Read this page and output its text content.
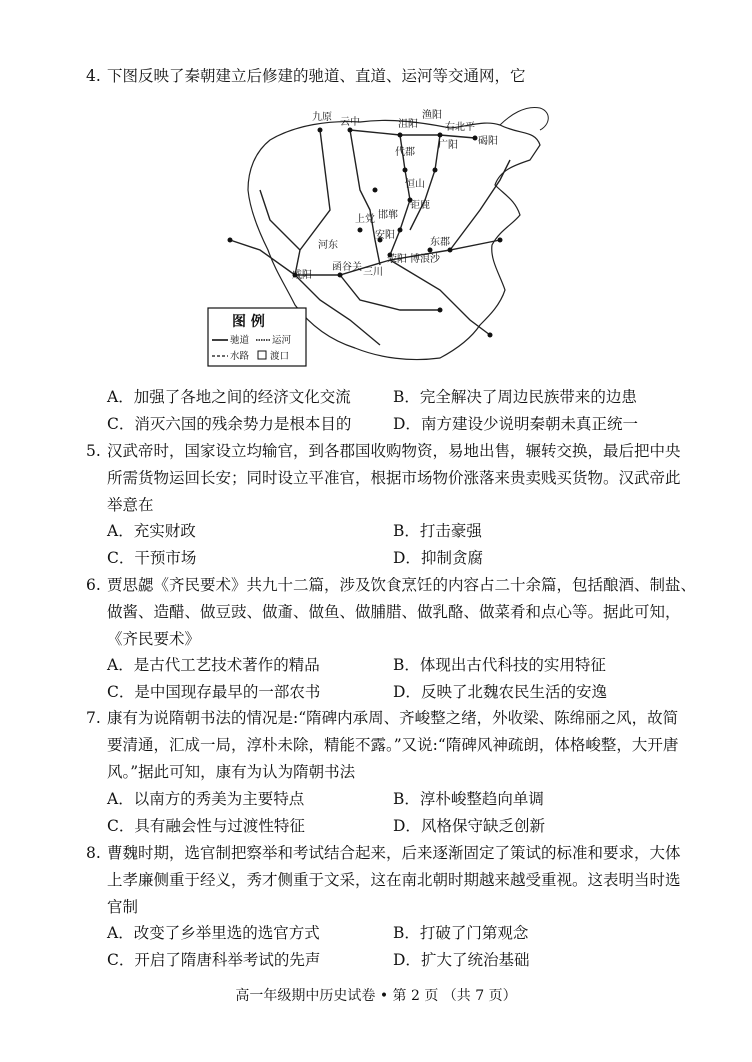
4. 下图反映了秦朝建立后修建的驰道、直道、运河等交通网，它
九原 云中
渔阳
沮阳	右北平
碣阳
代郡
广阳
恒山
钜鹿
邯郸
上党
安阳
河东	东郡
函谷关
咸阳	三川
荥阳 博浪沙
图 例
驰道 运河
水路 渡口
A．加强了各地之间的经济文化交流	B．完全解决了周边民族带来的边患
C．消灭六国的残余势力是根本目的	D．南方建设少说明秦朝未真正统一
5. 汉武帝时，国家设立均输官，到各郡国收购物资，易地出售，辗转交换，最后把中央
所需货物运回长安；同时设立平准官，根据市场物价涨落来贵卖贱买货物。汉武帝此
举意在
A．充实财政	B．打击豪强
C．干预市场	D．抑制贪腐
6. 贾思勰《齐民要术》共九十二篇，涉及饮食烹饪的内容占二十余篇，包括酿酒、制盐、
做酱、造醋、做豆豉、做齑、做鱼、做脯腊、做乳酪、做菜肴和点心等。据此可知，
《齐民要术》
A．是古代工艺技术著作的精品	B．体现出古代科技的实用特征
C．是中国现存最早的一部农书	D．反映了北魏农民生活的安逸
7. 康有为说隋朝书法的情况是:“隋碑内承周、齐峻整之绪，外收梁、陈绵丽之风，故简
要清通，汇成一局，淳朴未除，精能不露。”又说:“隋碑风神疏朗，体格峻整，大开唐
风。”据此可知，康有为认为隋朝书法
A．以南方的秀美为主要特点	B．淳朴峻整趋向单调
C．具有融会性与过渡性特征	D．风格保守缺乏创新
8. 曹魏时期，选官制把察举和考试结合起来，后来逐渐固定了策试的标准和要求，大体
上孝廉侧重于经义，秀才侧重于文采，这在南北朝时期越来越受重视。这表明当时选
官制
A．改变了乡举里选的选官方式	B．打破了门第观念
C．开启了隋唐科举考试的先声	D．扩大了统治基础
高一年级期中历史试卷 • 第 2 页 （共 7 页）
